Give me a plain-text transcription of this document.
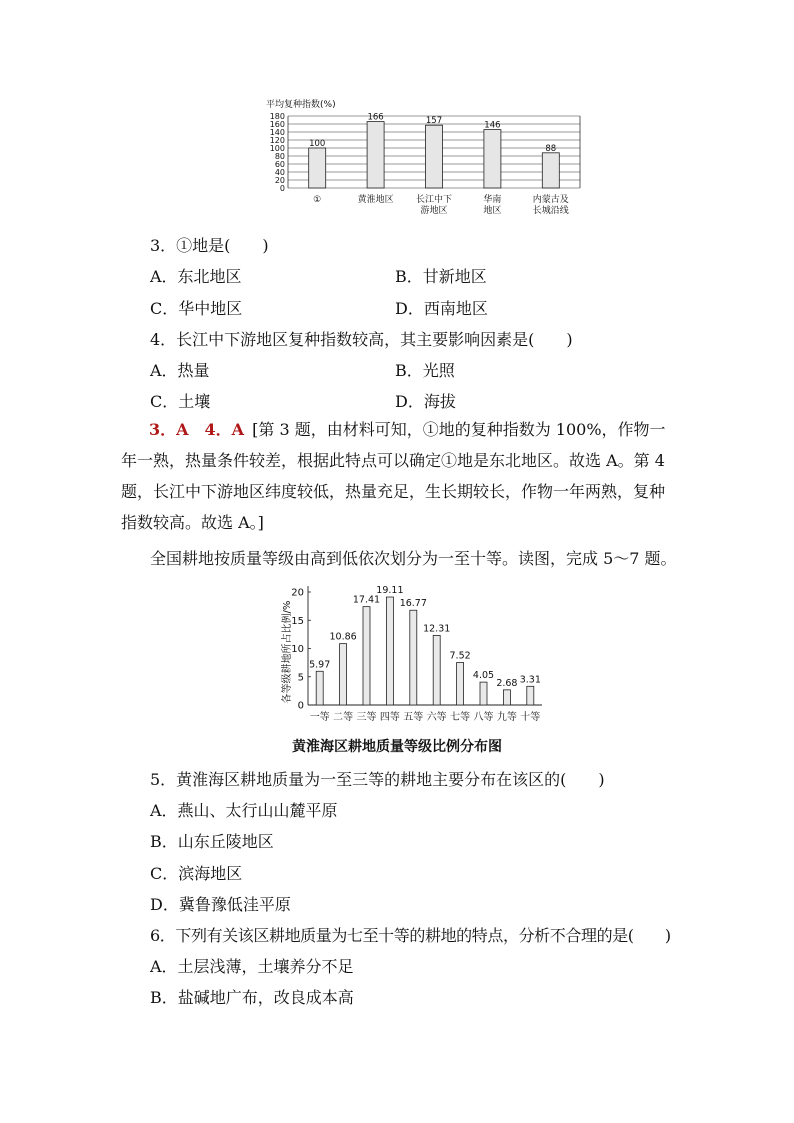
平均复种指数(%)
180
160
140
120
100
80
60
40
20
0
100
166	157	146
88
①	黄淮地区 长江中下
游地区
华南
地区
内蒙古及
长城沿线
3．①地是(　　)
A．东北地区	B．甘新地区
C．华中地区	D．西南地区
4．长江中下游地区复种指数较高，其主要影响因素是(　　)
A．热量	B．光照
C．土壤	D．海拔
3．A　4．A  [第 3 题，由材料可知，①地的复种指数为 100%，作物一年一熟，热量条件较差，根据此特点可以确定①地是东北地区。故选 A。第 4 题，长江中下游地区纬度较低，热量充足，生长期较长，作物一年两熟，复种指数较高。故选 A。]
全国耕地按质量等级由高到低依次划分为一至十等。读图，完成 5～7 题。
各等级耕地所占比例/%
20
15
10
5
0
5.97
10.86
17.41
19.11
16.77
12.31
7.52
4.05
2.68 3.31
一等 二等 三等 四等 五等 六等 七等 八等 九等 十等
黄淮海区耕地质量等级比例分布图
5．黄淮海区耕地质量为一至三等的耕地主要分布在该区的(　　)
A．燕山、太行山山麓平原
B．山东丘陵地区
C．滨海地区
D．冀鲁豫低洼平原
6．下列有关该区耕地质量为七至十等的耕地的特点，分析不合理的是(　　)
A．土层浅薄，土壤养分不足
B．盐碱地广布，改良成本高
